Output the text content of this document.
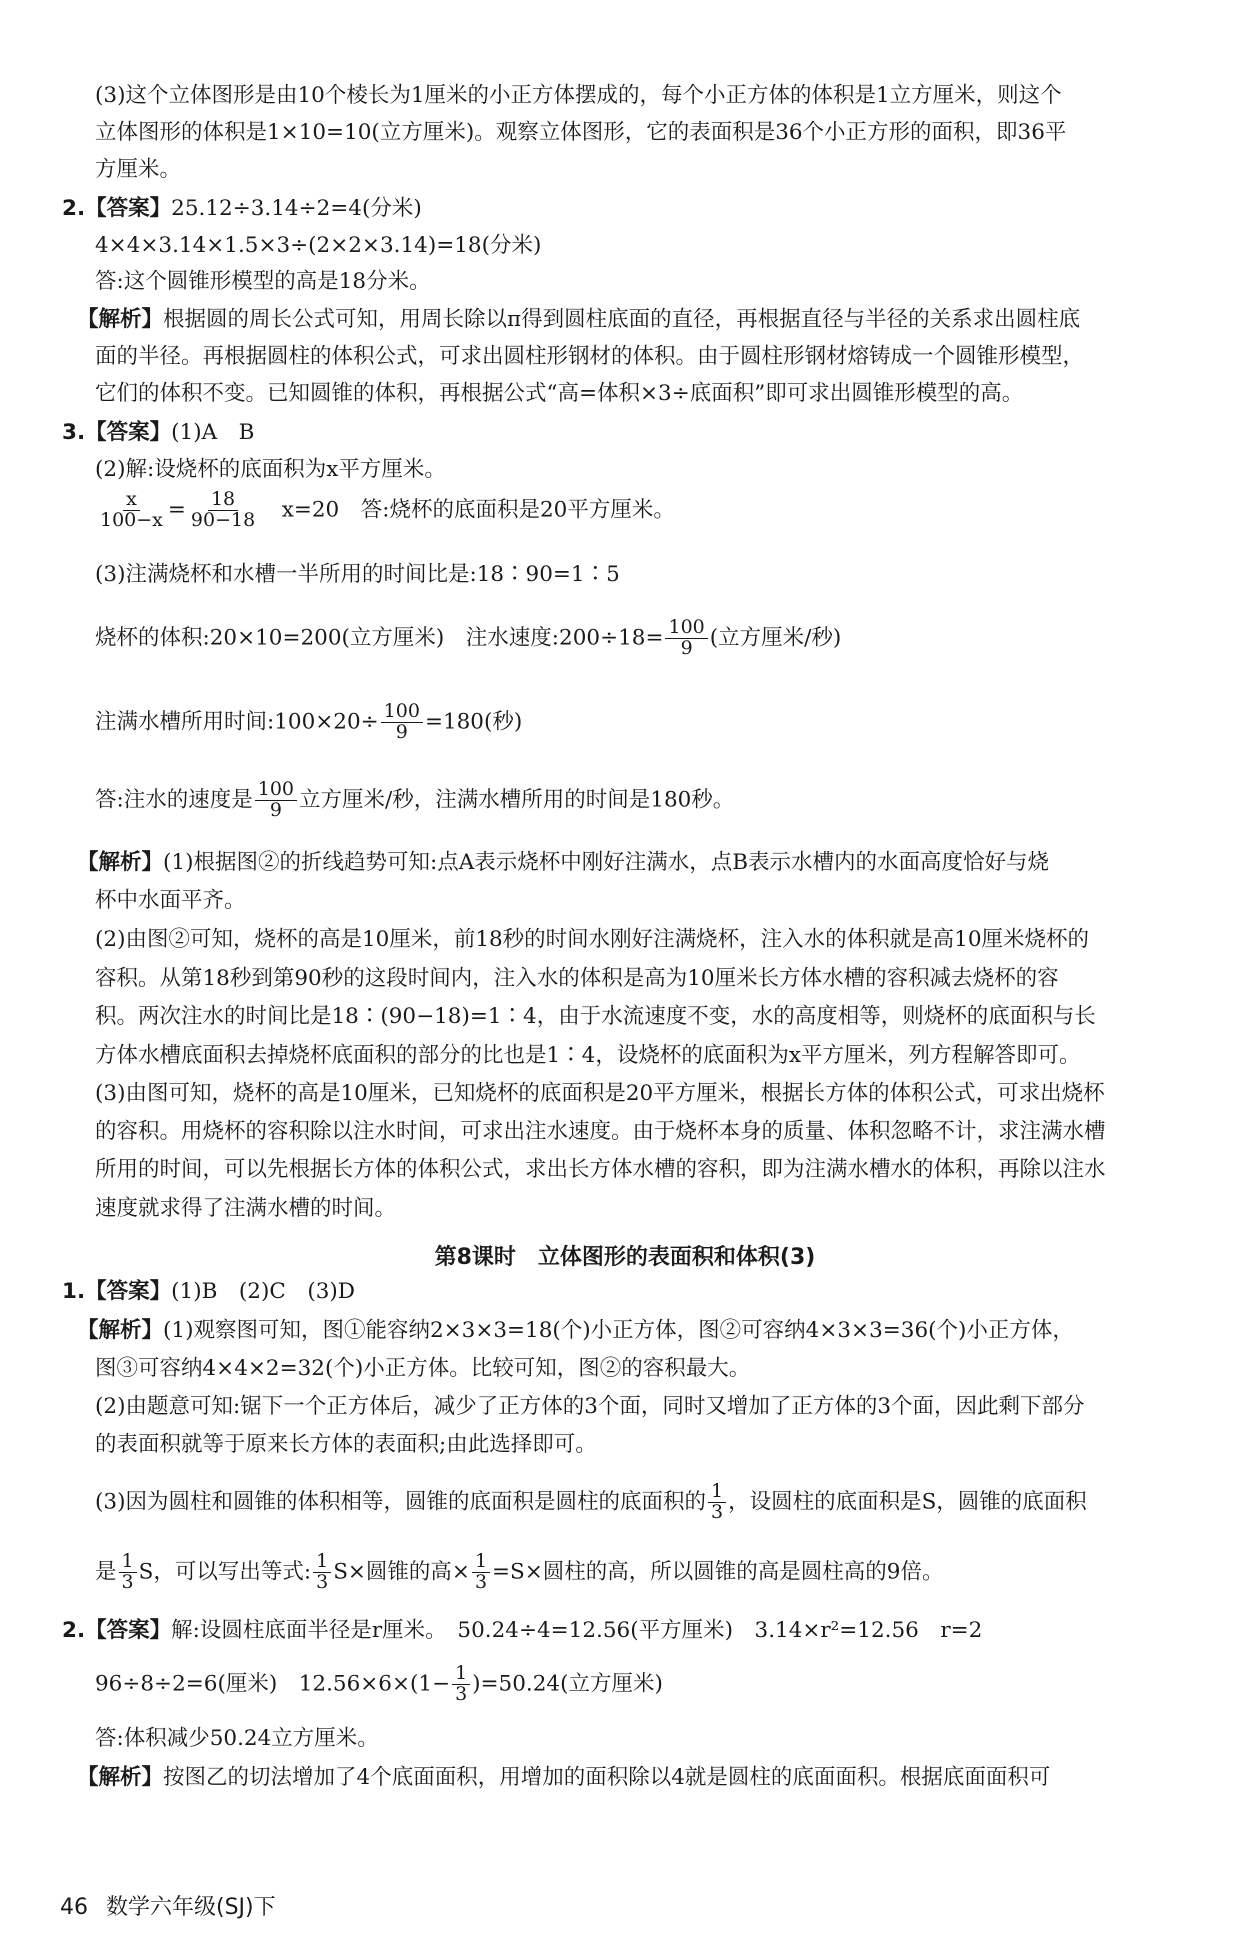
(3)这个立体图形是由10个棱长为1厘米的小正方体摆成的，每个小正方体的体积是1立方厘米，则这个
立体图形的体积是1×10=10(立方厘米)。观察立体图形，它的表面积是36个小正方形的面积，即36平
方厘米。
2.【答案】25.12÷3.14÷2=4(分米)
4×4×3.14×1.5×3÷(2×2×3.14)=18(分米)
答:这个圆锥形模型的高是18分米。
【解析】根据圆的周长公式可知，用周长除以π得到圆柱底面的直径，再根据直径与半径的关系求出圆柱底
面的半径。再根据圆柱的体积公式，可求出圆柱形钢材的体积。由于圆柱形钢材熔铸成一个圆锥形模型，
它们的体积不变。已知圆锥的体积，再根据公式“高=体积×3÷底面积”即可求出圆锥形模型的高。
3.【答案】(1)A　B
(2)解:设烧杯的底面积为x平方厘米。
$\frac{x}{100-x} = \frac{18}{90-18}$
　 x=20　答:烧杯的底面积是20平方厘米。
(3)注满烧杯和水槽一半所用的时间比是:18∶90=1∶5
烧杯的体积:20×10=200(立方厘米)　注水速度:200÷18= $\frac{100}{9}$ (立方厘米/秒)
注满水槽所用时间:100×20÷ $\frac{100}{9} =180$(秒)
答:注水的速度是 $\frac{100}{9}$ 立方厘米/秒，注满水槽所用的时间是180秒。
【解析】(1)根据图②的折线趋势可知:点A表示烧杯中刚好注满水，点B表示水槽内的水面高度恰好与烧
杯中水面平齐。
(2)由图②可知，烧杯的高是10厘米，前18秒的时间水刚好注满烧杯，注入水的体积就是高10厘米烧杯的
容积。从第18秒到第90秒的这段时间内，注入水的体积是高为10厘米长方体水槽的容积减去烧杯的容
积。两次注水的时间比是18∶(90−18)=1∶4，由于水流速度不变，水的高度相等，则烧杯的底面积与长
方体水槽底面积去掉烧杯底面积的部分的比也是1∶4，设烧杯的底面积为x平方厘米，列方程解答即可。
(3)由图可知，烧杯的高是10厘米，已知烧杯的底面积是20平方厘米，根据长方体的体积公式，可求出烧杯
的容积。用烧杯的容积除以注水时间，可求出注水速度。由于烧杯本身的质量、体积忽略不计，求注满水槽
所用的时间，可以先根据长方体的体积公式，求出长方体水槽的容积，即为注满水槽水的体积，再除以注水
速度就求得了注满水槽的时间。
第8课时　立体图形的表面积和体积(3)
1.【答案】(1)B　(2)C　(3)D
【解析】(1)观察图可知，图①能容纳2×3×3=18(个)小正方体，图②可容纳4×3×3=36(个)小正方体，
图③可容纳4×4×2=32(个)小正方体。比较可知，图②的容积最大。
(2)由题意可知:锯下一个正方体后，减少了正方体的3个面，同时又增加了正方体的3个面，因此剩下部分
的表面积就等于原来长方体的表面积;由此选择即可。
(3)因为圆柱和圆锥的体积相等，圆锥的底面积是圆柱的底面积的 $\frac{1}{3}$ ，设圆柱的底面积是S，圆锥的底面积
是 $\frac{1}{3}$ S，可以写出等式: $\frac{1}{3} S\times$圆锥的高× $\frac{1}{3} =S\times$圆柱的高，所以圆锥的高是圆柱高的9倍。
2.【答案】解:设圆柱底面半径是r厘米。　50.24÷4=12.56(平方厘米)　3.14×r²=12.56　r=2
96÷8÷2=6(厘米)　$12.56\times 6\times(1- \frac{1}{3} )=50.24$(立方厘米)
答:体积减少50.24立方厘米。
【解析】按图乙的切法增加了4个底面面积，用增加的面积除以4就是圆柱的底面面积。根据底面面积可
46 数学六年级(SJ)下
